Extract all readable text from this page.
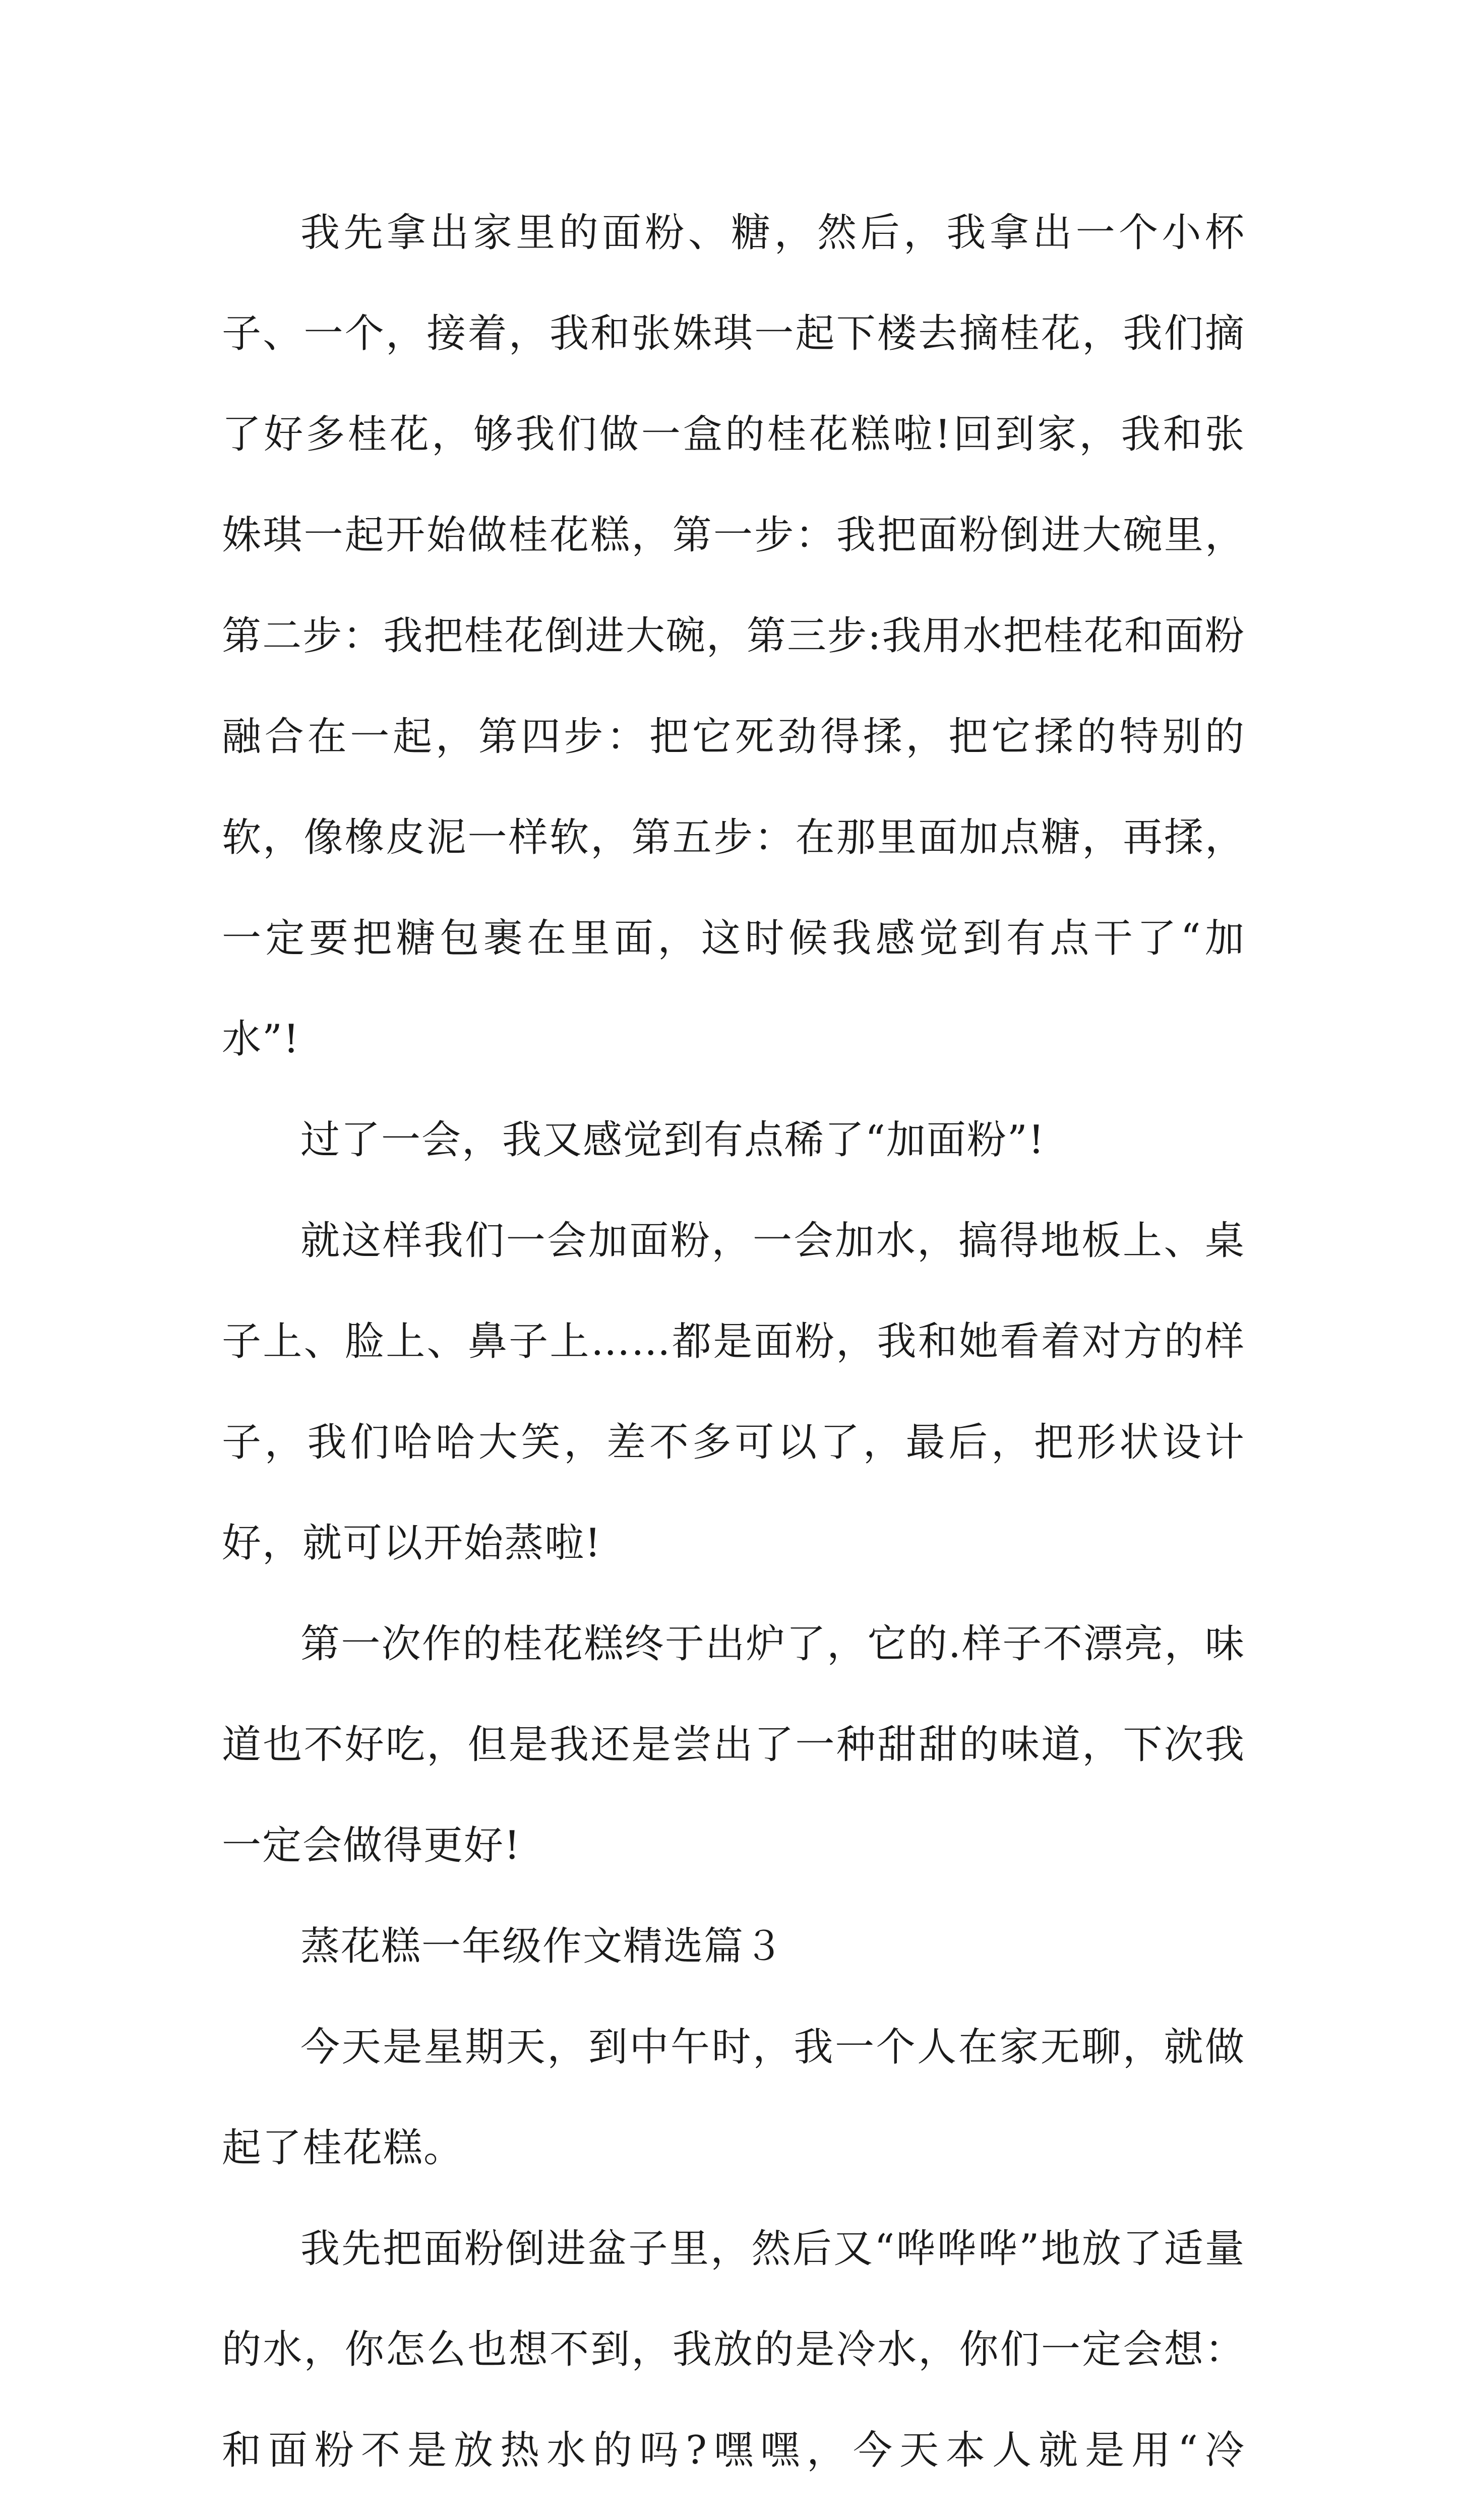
我先拿出家里的面粉、糖，然后，我拿出一个小杯子、一个，接着，我和张姝琪一起下楼去摘桂花，我们摘了好多桂花，够我们做一盒的桂花糕啦!回到家，我和张姝琪一起开始做桂花糕，第一步：我把面粉倒进大碗里，第二步：我把桂花倒进大碗，第三步:我用水把桂花和面粉融合在一起，第四步：把它死劲得揉，把它揉的特别的软，像橡皮泥一样软，第五步：在那里面加点糖，再揉，一定要把糖包裹在里面，这时候我感觉到有点干了“加水”!

过了一会，我又感觉到有点稀了“加面粉”!

就这样我们一会加面粉，一会加水，搞得地板上、桌子上、脸上、鼻子上……都是面粉，我和她看着对方的样子，我们哈哈大笑，差不多可以了，最后，把形状设计好，就可以开始蒸啦!

第一次作的桂花糕终于出炉了，它的.样子不漂亮，味道也不好吃，但是我还是尝出了一种甜甜的味道，下次我一定会做得更好!

蒸花糕一年级作文精选篇３

今天是星期天，到中午时，我一个人在家无聊，就做起了桂花糕。

我先把面粉倒进盆子里，然后又“哗哗哗”地放了适量的水，你怎么也想不到，我放的是冷水，你们一定会想：和面粉不是放热水的吗?嘿嘿，今天本人就是用“冷
